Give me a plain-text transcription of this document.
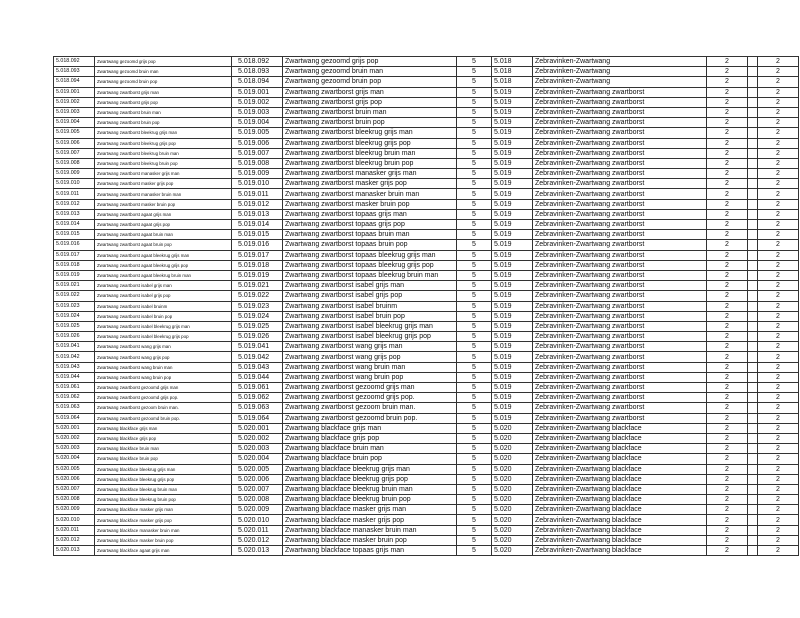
5.018.092	Zwartwang gezoomd grijs pop	5.018.092	Zwartwang gezoomd grijs pop	5	5.018	Zebravinken-Zwartwang	2		2
5.018.093	Zwartwang gezoomd bruin man	5.018.093	Zwartwang gezoomd bruin man	5	5.018	Zebravinken-Zwartwang	2		2
5.018.094	Zwartwang gezoomd bruin pop	5.018.094	Zwartwang gezoomd bruin pop	5	5.018	Zebravinken-Zwartwang	2		2
5.019.001	Zwartwang zwartborst grijs man	5.019.001	Zwartwang zwartborst grijs man	5	5.019	Zebravinken-Zwartwang zwartborst	2		2
5.019.002	Zwartwang zwartborst grijs pop	5.019.002	Zwartwang zwartborst grijs pop	5	5.019	Zebravinken-Zwartwang zwartborst	2		2
5.019.003	Zwartwang zwartborst bruin man	5.019.003	Zwartwang zwartborst bruin man	5	5.019	Zebravinken-Zwartwang zwartborst	2		2
5.019.004	Zwartwang zwartborst bruin pop	5.019.004	Zwartwang zwartborst bruin pop	5	5.019	Zebravinken-Zwartwang zwartborst	2		2
5.019.005	Zwartwang zwartborst bleekrug grijs man	5.019.005	Zwartwang zwartborst bleekrug grijs man	5	5.019	Zebravinken-Zwartwang zwartborst	2		2
5.019.006	Zwartwang zwartborst bleekrug grijs pop	5.019.006	Zwartwang zwartborst bleekrug grijs pop	5	5.019	Zebravinken-Zwartwang zwartborst	2		2
5.019.007	Zwartwang zwartborst bleekrug bruin man	5.019.007	Zwartwang zwartborst bleekrug bruin man	5	5.019	Zebravinken-Zwartwang zwartborst	2		2
5.019.008	Zwartwang zwartborst bleekrug bruin pop	5.019.008	Zwartwang zwartborst bleekrug bruin pop	5	5.019	Zebravinken-Zwartwang zwartborst	2		2
5.019.009	Zwartwang zwartborst manasker grijs man	5.019.009	Zwartwang zwartborst manasker grijs man	5	5.019	Zebravinken-Zwartwang zwartborst	2		2
5.019.010	Zwartwang zwartborst masker grijs pop	5.019.010	Zwartwang zwartborst masker grijs pop	5	5.019	Zebravinken-Zwartwang zwartborst	2		2
5.019.011	Zwartwang zwartborst manasker bruin man	5.019.011	Zwartwang zwartborst manasker bruin man	5	5.019	Zebravinken-Zwartwang zwartborst	2		2
5.019.012	Zwartwang zwartborst masker bruin pop	5.019.012	Zwartwang zwartborst masker bruin pop	5	5.019	Zebravinken-Zwartwang zwartborst	2		2
5.019.013	Zwartwang zwartborst agaat grijs man	5.019.013	Zwartwang zwartborst topaas grijs man	5	5.019	Zebravinken-Zwartwang zwartborst	2		2
5.019.014	Zwartwang zwartborst agaat grijs pop	5.019.014	Zwartwang zwartborst topaas grijs pop	5	5.019	Zebravinken-Zwartwang zwartborst	2		2
5.019.015	Zwartwang zwartborst agaat bruin man	5.019.015	Zwartwang zwartborst topaas bruin man	5	5.019	Zebravinken-Zwartwang zwartborst	2		2
5.019.016	Zwartwang zwartborst agaat bruin pop	5.019.016	Zwartwang zwartborst topaas bruin pop	5	5.019	Zebravinken-Zwartwang zwartborst	2		2
5.019.017	Zwartwang zwartborst agaat bleekrug grijs man	5.019.017	Zwartwang zwartborst topaas bleekrug grijs man	5	5.019	Zebravinken-Zwartwang zwartborst	2		2
5.019.018	Zwartwang zwartborst agaat bleekrug grijs pop	5.019.018	Zwartwang zwartborst topaas bleekrug grijs pop	5	5.019	Zebravinken-Zwartwang zwartborst	2		2
5.019.019	Zwartwang zwartborst agaat bleekrug bruin man	5.019.019	Zwartwang zwartborst topaas bleekrug bruin man	5	5.019	Zebravinken-Zwartwang zwartborst	2		2
5.019.021	Zwartwang zwartborst isabel grijs man	5.019.021	Zwartwang zwartborst isabel grijs man	5	5.019	Zebravinken-Zwartwang zwartborst	2		2
5.019.022	Zwartwang zwartborst isabel grijs pop	5.019.022	Zwartwang zwartborst isabel grijs pop	5	5.019	Zebravinken-Zwartwang zwartborst	2		2
5.019.023	Zwartwang zwartborst isabel bruinm	5.019.023	Zwartwang zwartborst isabel bruinm	5	5.019	Zebravinken-Zwartwang zwartborst	2		2
5.019.024	Zwartwang zwartborst isabel bruin pop	5.019.024	Zwartwang zwartborst isabel bruin pop	5	5.019	Zebravinken-Zwartwang zwartborst	2		2
5.019.025	Zwartwang zwartborst isabel bleekrug grijs man	5.019.025	Zwartwang zwartborst isabel bleekrug grijs man	5	5.019	Zebravinken-Zwartwang zwartborst	2		2
5.019.026	Zwartwang zwartborst isabel bleekrug grijs pop	5.019.026	Zwartwang zwartborst isabel bleekrug grijs pop	5	5.019	Zebravinken-Zwartwang zwartborst	2		2
5.019.041	Zwartwang zwartborst wang grijs man	5.019.041	Zwartwang zwartborst wang grijs man	5	5.019	Zebravinken-Zwartwang zwartborst	2		2
5.019.042	Zwartwang zwartborst wang grijs pop	5.019.042	Zwartwang zwartborst wang grijs pop	5	5.019	Zebravinken-Zwartwang zwartborst	2		2
5.019.043	Zwartwang zwartborst wang bruin man	5.019.043	Zwartwang zwartborst wang bruin man	5	5.019	Zebravinken-Zwartwang zwartborst	2		2
5.019.044	Zwartwang zwartborst wang bruin pop	5.019.044	Zwartwang zwartborst wang bruin pop	5	5.019	Zebravinken-Zwartwang zwartborst	2		2
5.019.061	Zwartwang zwartborst gezoomd grijs man	5.019.061	Zwartwang zwartborst gezoomd grijs man	5	5.019	Zebravinken-Zwartwang zwartborst	2		2
5.019.062	Zwartwang zwartborst gezoomd grijs pop.	5.019.062	Zwartwang zwartborst gezoomd grijs pop.	5	5.019	Zebravinken-Zwartwang zwartborst	2		2
5.019.063	Zwartwang zwartborst gezoom bruin man.	5.019.063	Zwartwang zwartborst gezoom bruin man.	5	5.019	Zebravinken-Zwartwang zwartborst	2		2
5.019.064	Zwartwang zwartborst gezoomd bruin pop.	5.019.064	Zwartwang zwartborst gezoomd bruin pop.	5	5.019	Zebravinken-Zwartwang zwartborst	2		2
5.020.001	Zwartwang blackface grijs man	5.020.001	Zwartwang blackface grijs man	5	5.020	Zebravinken-Zwartwang blackface	2		2
5.020.002	Zwartwang blackface grijs pop	5.020.002	Zwartwang blackface grijs pop	5	5.020	Zebravinken-Zwartwang blackface	2		2
5.020.003	Zwartwang blackface bruin man	5.020.003	Zwartwang blackface bruin man	5	5.020	Zebravinken-Zwartwang blackface	2		2
5.020.004	Zwartwang blackface bruin pop	5.020.004	Zwartwang blackface bruin pop	5	5.020	Zebravinken-Zwartwang blackface	2		2
5.020.005	Zwartwang blackface bleekrug grijs man	5.020.005	Zwartwang blackface bleekrug grijs man	5	5.020	Zebravinken-Zwartwang blackface	2		2
5.020.006	Zwartwang blackface bleekrug grijs pop	5.020.006	Zwartwang blackface bleekrug grijs pop	5	5.020	Zebravinken-Zwartwang blackface	2		2
5.020.007	Zwartwang blackface bleekrug bruin man	5.020.007	Zwartwang blackface bleekrug bruin man	5	5.020	Zebravinken-Zwartwang blackface	2		2
5.020.008	Zwartwang blackface bleekrug bruin pop	5.020.008	Zwartwang blackface bleekrug bruin pop	5	5.020	Zebravinken-Zwartwang blackface	2		2
5.020.009	Zwartwang blackface masker grijs man	5.020.009	Zwartwang blackface masker grijs man	5	5.020	Zebravinken-Zwartwang blackface	2		2
5.020.010	Zwartwang blackface masker grijs pop	5.020.010	Zwartwang blackface masker grijs pop	5	5.020	Zebravinken-Zwartwang blackface	2		2
5.020.011	Zwartwang blackface manasker bruin man	5.020.011	Zwartwang blackface manasker bruin man	5	5.020	Zebravinken-Zwartwang blackface	2		2
5.020.012	Zwartwang blackface masker bruin pop	5.020.012	Zwartwang blackface masker bruin pop	5	5.020	Zebravinken-Zwartwang blackface	2		2
5.020.013	Zwartwang blackface agaat grijs man	5.020.013	Zwartwang blackface topaas grijs man	5	5.020	Zebravinken-Zwartwang blackface	2		2
